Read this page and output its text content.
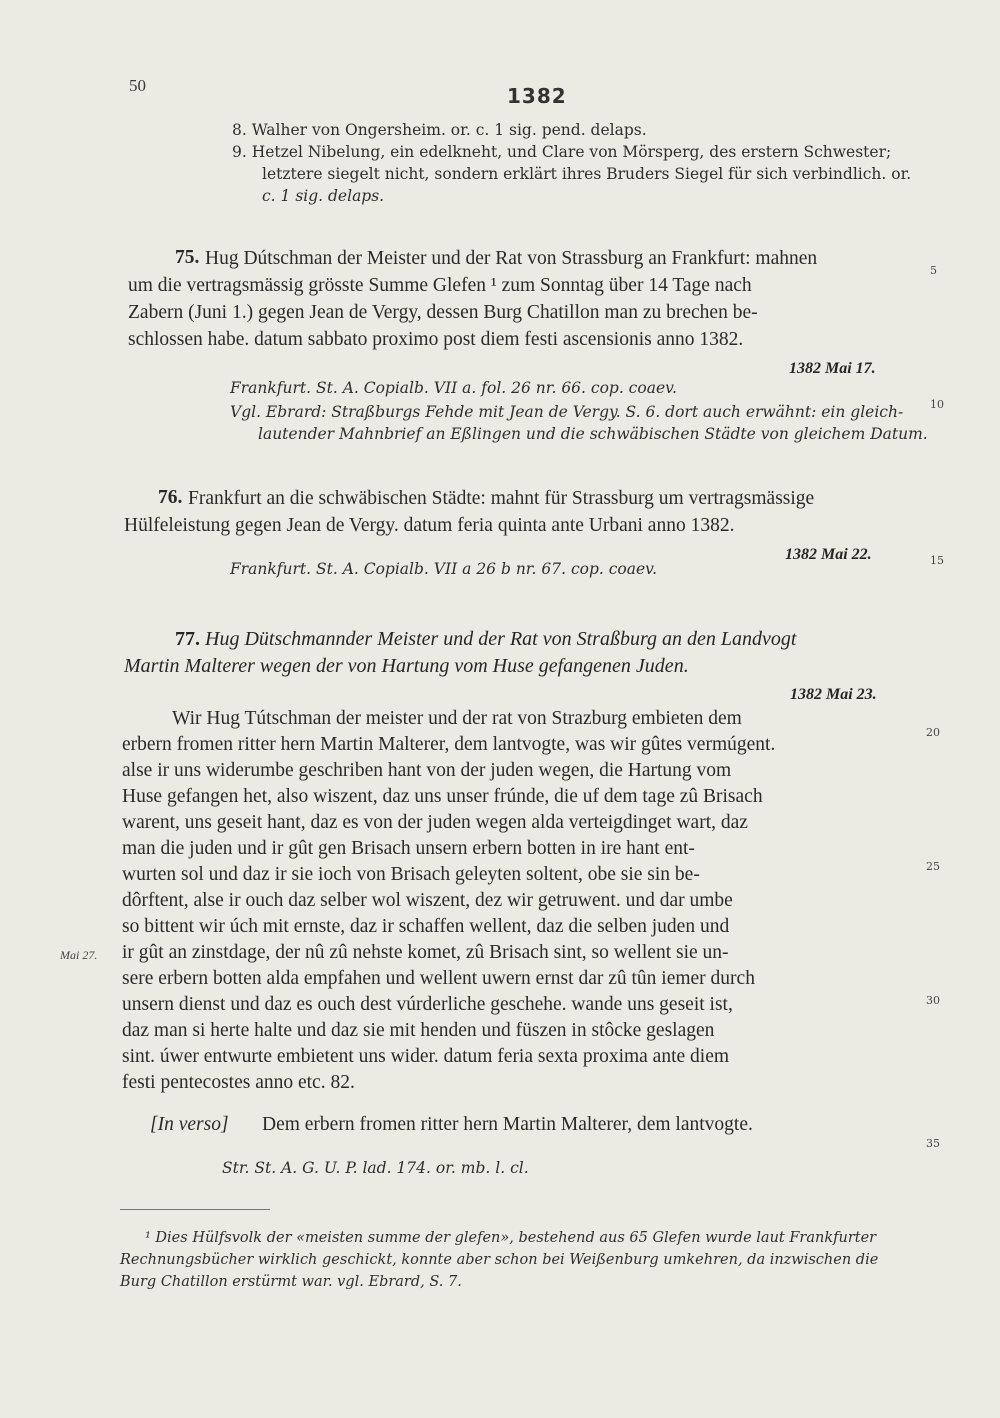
50	1382
8. Walher von Ongersheim. or. c. 1 sig. pend. delaps.
9. Hetzel Nibelung, ein edelkneht, und Clare von Mörsperg, des erstern Schwester;
letztere siegelt nicht, sondern erklärt ihres Bruders Siegel für sich verbindlich. or.
c. 1 sig. delaps.
75. Hug Dútschman der Meister und der Rat von Strassburg an Frankfurt: mahnen
um die vertragsmässig grösste Summe Glefen ¹ zum Sonntag über 14 Tage nach
Zabern (Juni 1.) gegen Jean de Vergy, dessen Burg Chatillon man zu brechen be-
schlossen habe. datum sabbato proximo post diem festi ascensionis anno 1382.
1382 Mai 17.
Frankfurt. St. A. Copialb. VII a. fol. 26 nr. 66. cop. coaev.
Vgl. Ebrard: Straßburgs Fehde mit Jean de Vergy. S. 6. dort auch erwähnt: ein gleich-
lautender Mahnbrief an Eßlingen und die schwäbischen Städte von gleichem Datum.
76. Frankfurt an die schwäbischen Städte: mahnt für Strassburg um vertragsmässige
Hülfeleistung gegen Jean de Vergy. datum feria quinta ante Urbani anno 1382.
1382 Mai 22.
Frankfurt. St. A. Copialb. VII a 26 b nr. 67. cop. coaev.
77. Hug Dütschmannder Meister und der Rat von Straßburg an den Landvogt
Martin Malterer wegen der von Hartung vom Huse gefangenen Juden.
1382 Mai 23.
Wir Hug Tútschman der meister und der rat von Strazburg embieten dem
erbern fromen ritter hern Martin Malterer, dem lantvogte, was wir gûtes vermúgent.
alse ir uns widerumbe geschriben hant von der juden wegen, die Hartung vom
Huse gefangen het, also wiszent, daz uns unser frúnde, die uf dem tage zû Brisach
warent, uns geseit hant, daz es von der juden wegen alda verteigdinget wart, daz
man die juden und ir gût gen Brisach unsern erbern botten in ire hant ent-
wurten sol und daz ir sie ioch von Brisach geleyten soltent, obe sie sin be-
dôrftent, alse ir ouch daz selber wol wiszent, dez wir getruwent. und dar umbe
so bittent wir úch mit ernste, daz ir schaffen wellent, daz die selben juden und
ir gût an zinstdage, der nû zû nehste komet, zû Brisach sint, so wellent sie un-
sere erbern botten alda empfahen und wellent uwern ernst dar zû tûn iemer durch
unsern dienst und daz es ouch dest vúrderliche geschehe. wande uns geseit ist,
daz man si herte halte und daz sie mit henden und füszen in stôcke geslagen
sint. úwer entwurte embietent uns wider. datum feria sexta proxima ante diem
festi pentecostes anno etc. 82.
[In verso] Dem erbern fromen ritter hern Martin Malterer, dem lantvogte.
Str. St. A. G. U. P. lad. 174. or. mb. l. cl.
Mai 27.
5
10
15
20
25
30
35
¹ Dies Hülfsvolk der «meisten summe der glefen», bestehend aus 65 Glefen wurde laut Frankfurter
Rechnungsbücher wirklich geschickt, konnte aber schon bei Weißenburg umkehren, da inzwischen die
Burg Chatillon erstürmt war. vgl. Ebrard, S. 7.
